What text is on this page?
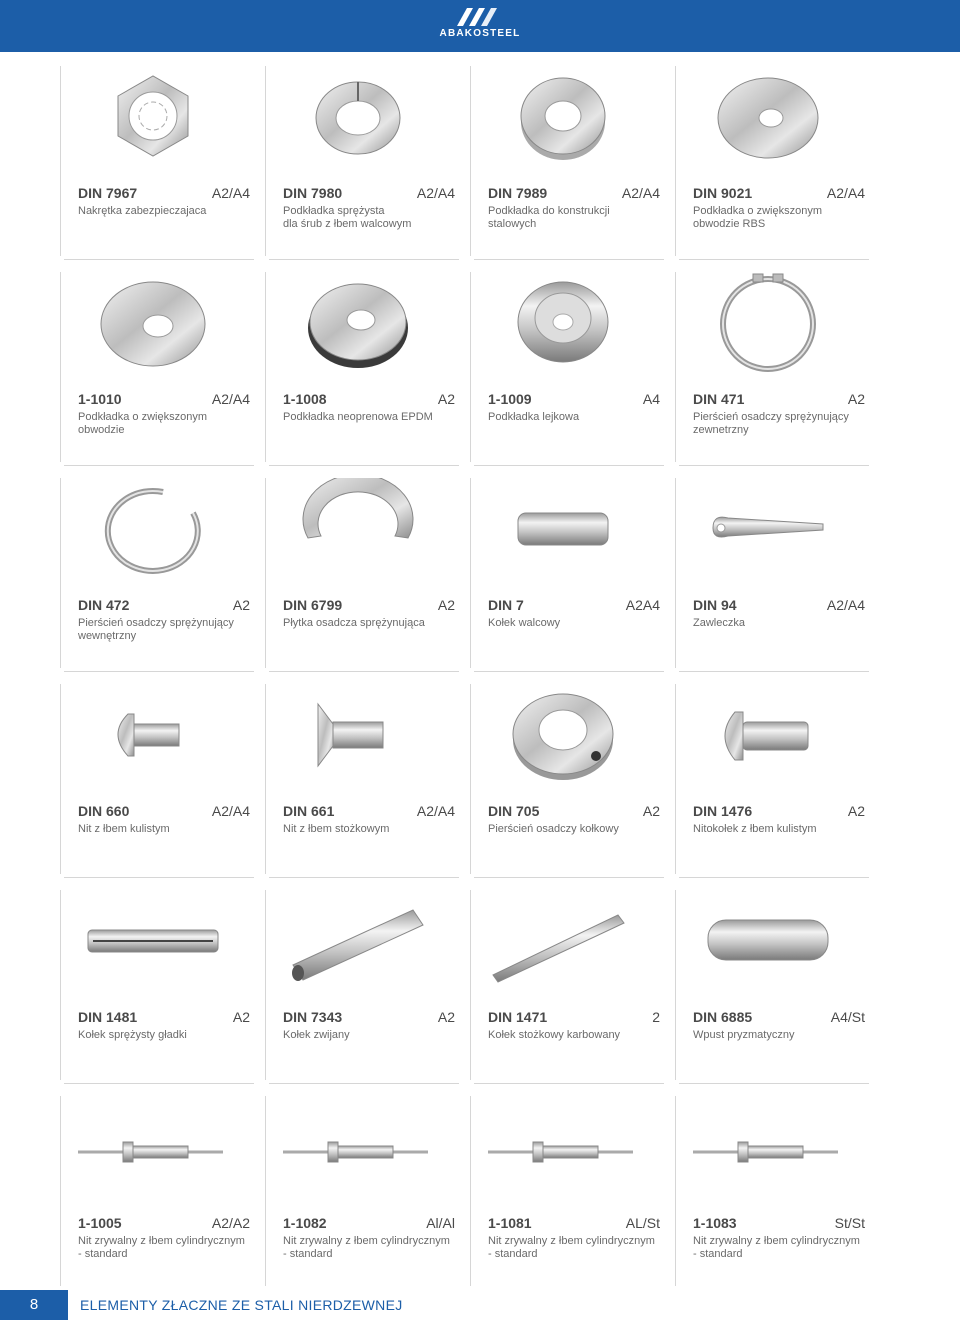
ABAKOSTEEL
DIN 7967	A2/A4
Nakrętka zabezpieczajaca
DIN 7980	A2/A4
Podkładka sprężysta
dla śrub z łbem walcowym
DIN 7989	A2/A4
Podkładka do konstrukcji stalowych
DIN 9021	A2/A4
Podkładka o zwiększonym
obwodzie RBS
1-1010	A2/A4
Podkładka o zwiększonym
obwodzie
1-1008	A2
Podkładka neoprenowa EPDM
1-1009	A4
Podkładka lejkowa
DIN 471	A2
Pierścień osadczy sprężynujący
zewnetrzny
DIN 472	A2
Pierścień osadczy sprężynujący
wewnętrzny
DIN 6799	A2
Płytka osadcza sprężynująca
DIN 7	A2A4
Kołek walcowy
DIN 94	A2/A4
Zawleczka
DIN 660	A2/A4
Nit z łbem kulistym
DIN 661	A2/A4
Nit z łbem stożkowym
DIN 705	A2
Pierścień osadczy kołkowy
DIN 1476	A2
Nitokołek z łbem kulistym
DIN 1481	A2
Kołek sprężysty gładki
DIN 7343	A2
Kołek zwijany
DIN 1471	2
Kołek stożkowy karbowany
DIN 6885	A4/St
Wpust pryzmatyczny
1-1005	A2/A2
Nit zrywalny z łbem cylindrycznym
- standard
1-1082	Al/Al
Nit zrywalny z łbem cylindrycznym
- standard
1-1081	AL/St
Nit zrywalny z łbem cylindrycznym
- standard
1-1083	St/St
Nit zrywalny z łbem cylindrycznym
- standard
8	ELEMENTY ZŁACZNE ZE STALI NIERDZEWNEJ
